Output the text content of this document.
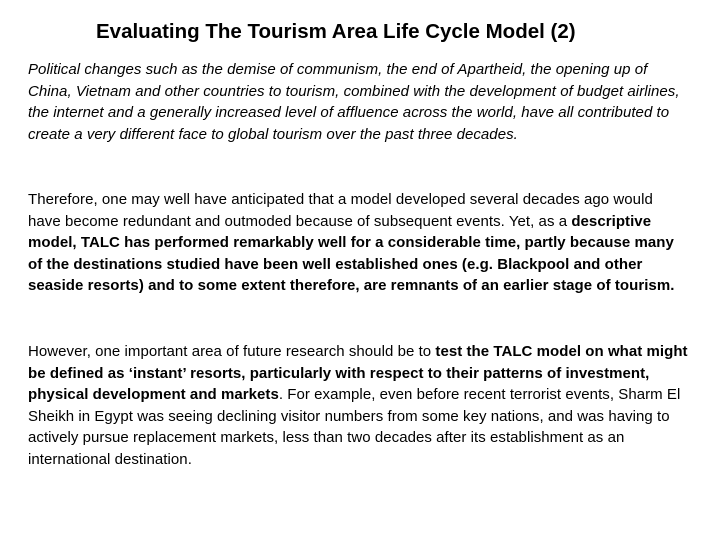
Evaluating The Tourism Area Life Cycle Model (2)

Political changes such as the demise of communism, the end of Apartheid, the opening up of China, Vietnam and other countries to tourism, combined with the development of budget airlines, the internet and a generally increased level of affluence across the world, have all contributed to create a very different face to global tourism over the past three decades.

Therefore, one may well have anticipated that a model developed several decades ago would have become redundant and outmoded because of subsequent events. Yet, as a descriptive model, TALC has performed remarkably well for a considerable time, partly because many of the destinations studied have been well established ones (e.g. Blackpool and other seaside resorts) and to some extent therefore, are remnants of an earlier stage of tourism.

However, one important area of future research should be to test the TALC model on what might be defined as ‘instant’ resorts, particularly with respect to their patterns of investment, physical development and markets. For example, even before recent terrorist events, Sharm El Sheikh in Egypt was seeing declining visitor numbers from some key nations, and was having to actively pursue replacement markets, less than two decades after its establishment as an international destination.
